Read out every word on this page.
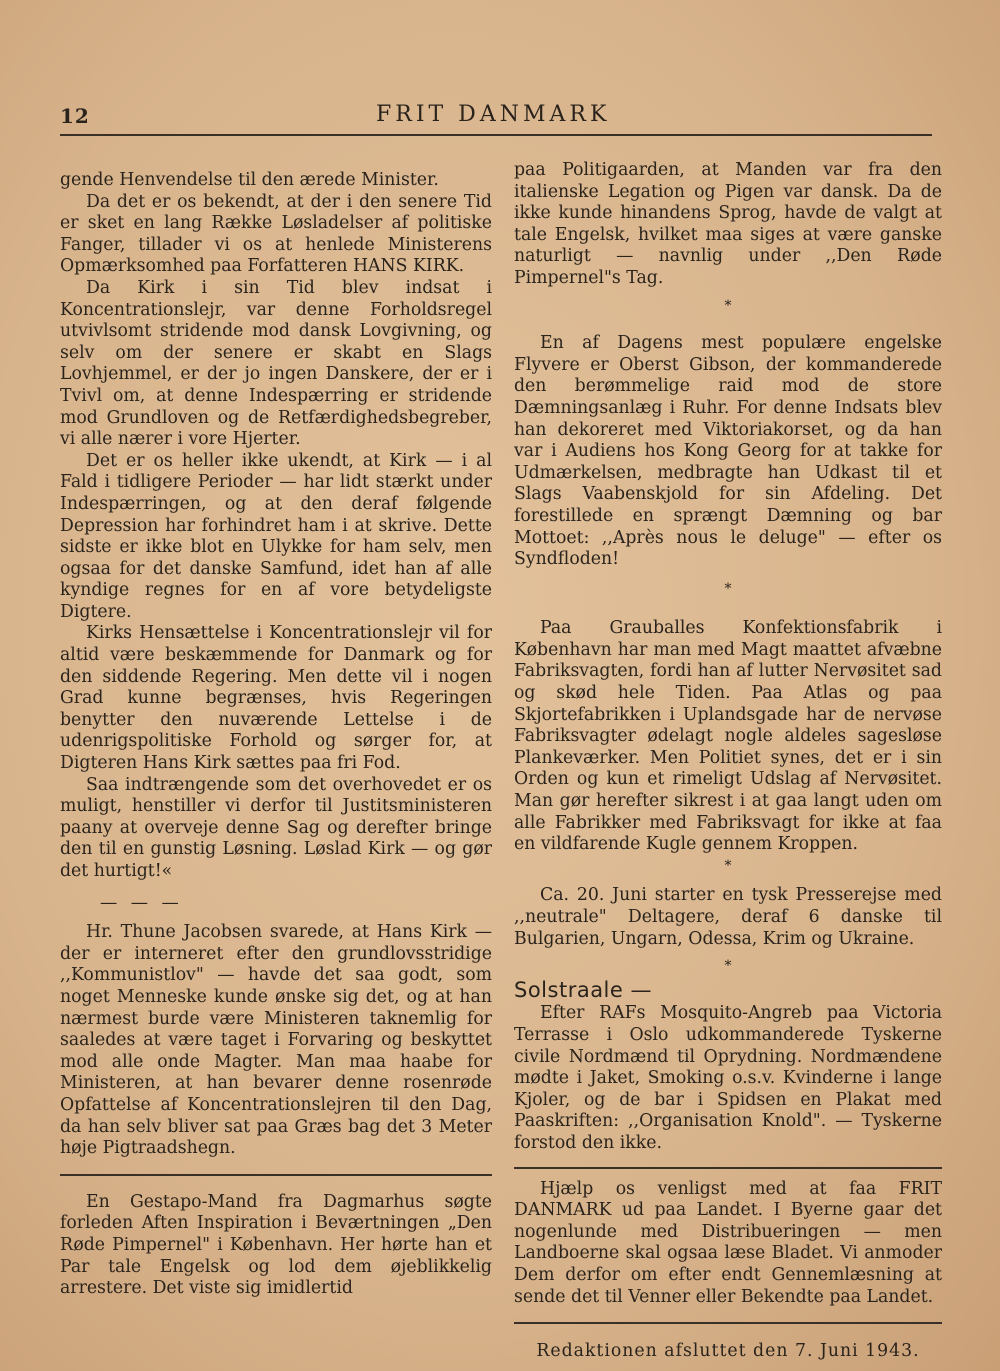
12	FRIT DANMARK

gende Henvendelse til den ærede Minister.

Da det er os bekendt, at der i den senere Tid er sket en lang Række Løsladelser af politiske Fanger, tillader vi os at henlede Ministerens Opmærksomhed paa Forfatteren HANS KIRK.

Da Kirk i sin Tid blev indsat i Koncentrationslejr, var denne Forholdsregel utvivlsomt stridende mod dansk Lovgivning, og selv om der senere er skabt en Slags Lovhjemmel, er der jo ingen Danskere, der er i Tvivl om, at denne Indespærring er stridende mod Grundloven og de Retfærdighedsbegreber, vi alle nærer i vore Hjerter.

Det er os heller ikke ukendt, at Kirk — i al Fald i tidligere Perioder — har lidt stærkt under Indespærringen, og at den deraf følgende Depression har forhindret ham i at skrive. Dette sidste er ikke blot en Ulykke for ham selv, men ogsaa for det danske Samfund, idet han af alle kyndige regnes for en af vore betydeligste Digtere.

Kirks Hensættelse i Koncentrationslejr vil for altid være beskæmmende for Danmark og for den siddende Regering. Men dette vil i nogen Grad kunne begrænses, hvis Regeringen benytter den nuværende Lettelse i de udenrigspolitiske Forhold og sørger for, at Digteren Hans Kirk sættes paa fri Fod.

Saa indtrængende som det overhovedet er os muligt, henstiller vi derfor til Justitsministeren paany at overveje denne Sag og derefter bringe den til en gunstig Løsning. Løslad Kirk — og gør det hurtigt!«

— — —

Hr. Thune Jacobsen svarede, at Hans Kirk — der er interneret efter den grundlovsstridige ,,Kommunistlov" — havde det saa godt, som noget Menneske kunde ønske sig det, og at han nærmest burde være Ministeren taknemlig for saaledes at være taget i Forvaring og beskyttet mod alle onde Magter. Man maa haabe for Ministeren, at han bevarer denne rosenrøde Opfattelse af Koncentrationslejren til den Dag, da han selv bliver sat paa Græs bag det 3 Meter høje Pigtraadshegn.

En Gestapo-Mand fra Dagmarhus søgte forleden Aften Inspiration i Beværtningen „Den Røde Pimpernel" i København. Her hørte han et Par tale Engelsk og lod dem øjeblikkelig arrestere. Det viste sig imidlertid

paa Politigaarden, at Manden var fra den italienske Legation og Pigen var dansk. Da de ikke kunde hinandens Sprog, havde de valgt at tale Engelsk, hvilket maa siges at være ganske naturligt — navnlig under ,,Den Røde Pimpernel"s Tag.

*

En af Dagens mest populære engelske Flyvere er Oberst Gibson, der kommanderede den berømmelige raid mod de store Dæmningsanlæg i Ruhr. For denne Indsats blev han dekoreret med Viktoriakorset, og da han var i Audiens hos Kong Georg for at takke for Udmærkelsen, medbragte han Udkast til et Slags Vaabenskjold for sin Afdeling. Det forestillede en sprængt Dæmning og bar Mottoet: ,,Après nous le deluge" — efter os Syndfloden!

*

Paa Grauballes Konfektionsfabrik i København har man med Magt maattet afvæbne Fabriksvagten, fordi han af lutter Nervøsitet sad og skød hele Tiden. Paa Atlas og paa Skjortefabrikken i Uplandsgade har de nervøse Fabriksvagter ødelagt nogle aldeles sagesløse Plankeværker. Men Politiet synes, det er i sin Orden og kun et rimeligt Udslag af Nervøsitet. Man gør herefter sikrest i at gaa langt uden om alle Fabrikker med Fabriksvagt for ikke at faa en vildfarende Kugle gennem Kroppen.

*

Ca. 20. Juni starter en tysk Presserejse med ,,neutrale" Deltagere, deraf 6 danske til Bulgarien, Ungarn, Odessa, Krim og Ukraine.

*

Solstraale —

Efter RAFs Mosquito-Angreb paa Victoria Terrasse i Oslo udkommanderede Tyskerne civile Nordmænd til Oprydning. Nordmændene mødte i Jaket, Smoking o.s.v. Kvinderne i lange Kjoler, og de bar i Spidsen en Plakat med Paaskriften: ,,Organisation Knold". — Tyskerne forstod den ikke.

Hjælp os venligst med at faa FRIT DANMARK ud paa Landet. I Byerne gaar det nogenlunde med Distribueringen — men Landboerne skal ogsaa læse Bladet. Vi anmoder Dem derfor om efter endt Gennemlæsning at sende det til Venner eller Bekendte paa Landet.

Redaktionen afsluttet den 7. Juni 1943.
